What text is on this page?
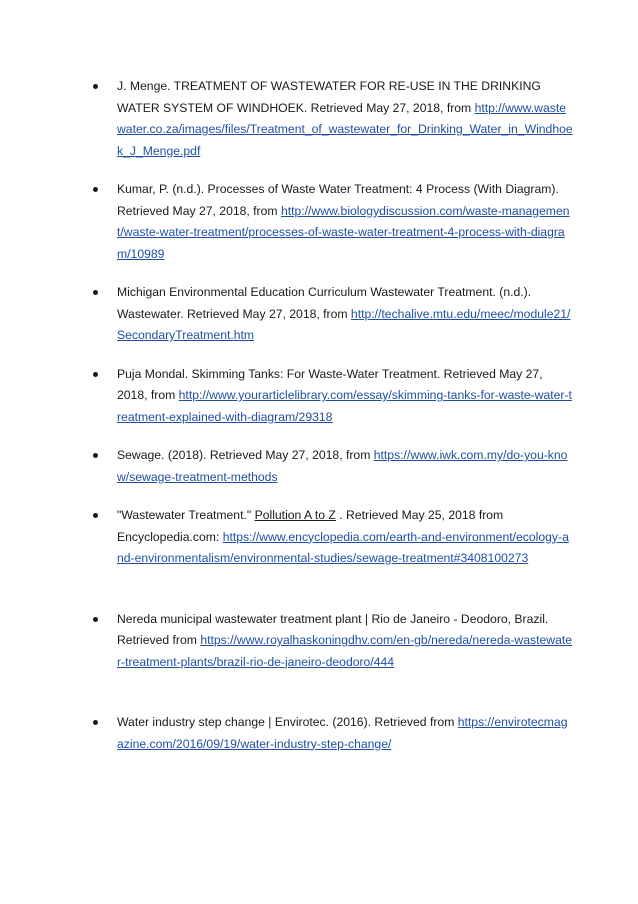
J. Menge. TREATMENT OF WASTEWATER FOR RE-USE IN THE DRINKING WATER SYSTEM OF WINDHOEK. Retrieved May 27, 2018, from http://www.wastewater.co.za/images/files/Treatment_of_wastewater_for_Drinking_Water_in_Windhoek_J_Menge.pdf
Kumar, P. (n.d.). Processes of Waste Water Treatment: 4 Process (With Diagram). Retrieved May 27, 2018, from http://www.biologydiscussion.com/waste-management/waste-water-treatment/processes-of-waste-water-treatment-4-process-with-diagram/10989
Michigan Environmental Education Curriculum Wastewater Treatment. (n.d.). Wastewater. Retrieved May 27, 2018, from http://techalive.mtu.edu/meec/module21/SecondaryTreatment.htm
Puja Mondal. Skimming Tanks: For Waste-Water Treatment. Retrieved May 27, 2018, from http://www.yourarticlelibrary.com/essay/skimming-tanks-for-waste-water-treatment-explained-with-diagram/29318
Sewage. (2018). Retrieved May 27, 2018, from https://www.iwk.com.my/do-you-know/sewage-treatment-methods
"Wastewater Treatment." Pollution A to Z . Retrieved May 25, 2018 from Encyclopedia.com: https://www.encyclopedia.com/earth-and-environment/ecology-and-environmentalism/environmental-studies/sewage-treatment#3408100273
Nereda municipal wastewater treatment plant | Rio de Janeiro - Deodoro, Brazil. Retrieved from https://www.royalhaskoningdhv.com/en-gb/nereda/nereda-wastewater-treatment-plants/brazil-rio-de-janeiro-deodoro/444
Water industry step change | Envirotec. (2016). Retrieved from https://envirotecmagazine.com/2016/09/19/water-industry-step-change/
